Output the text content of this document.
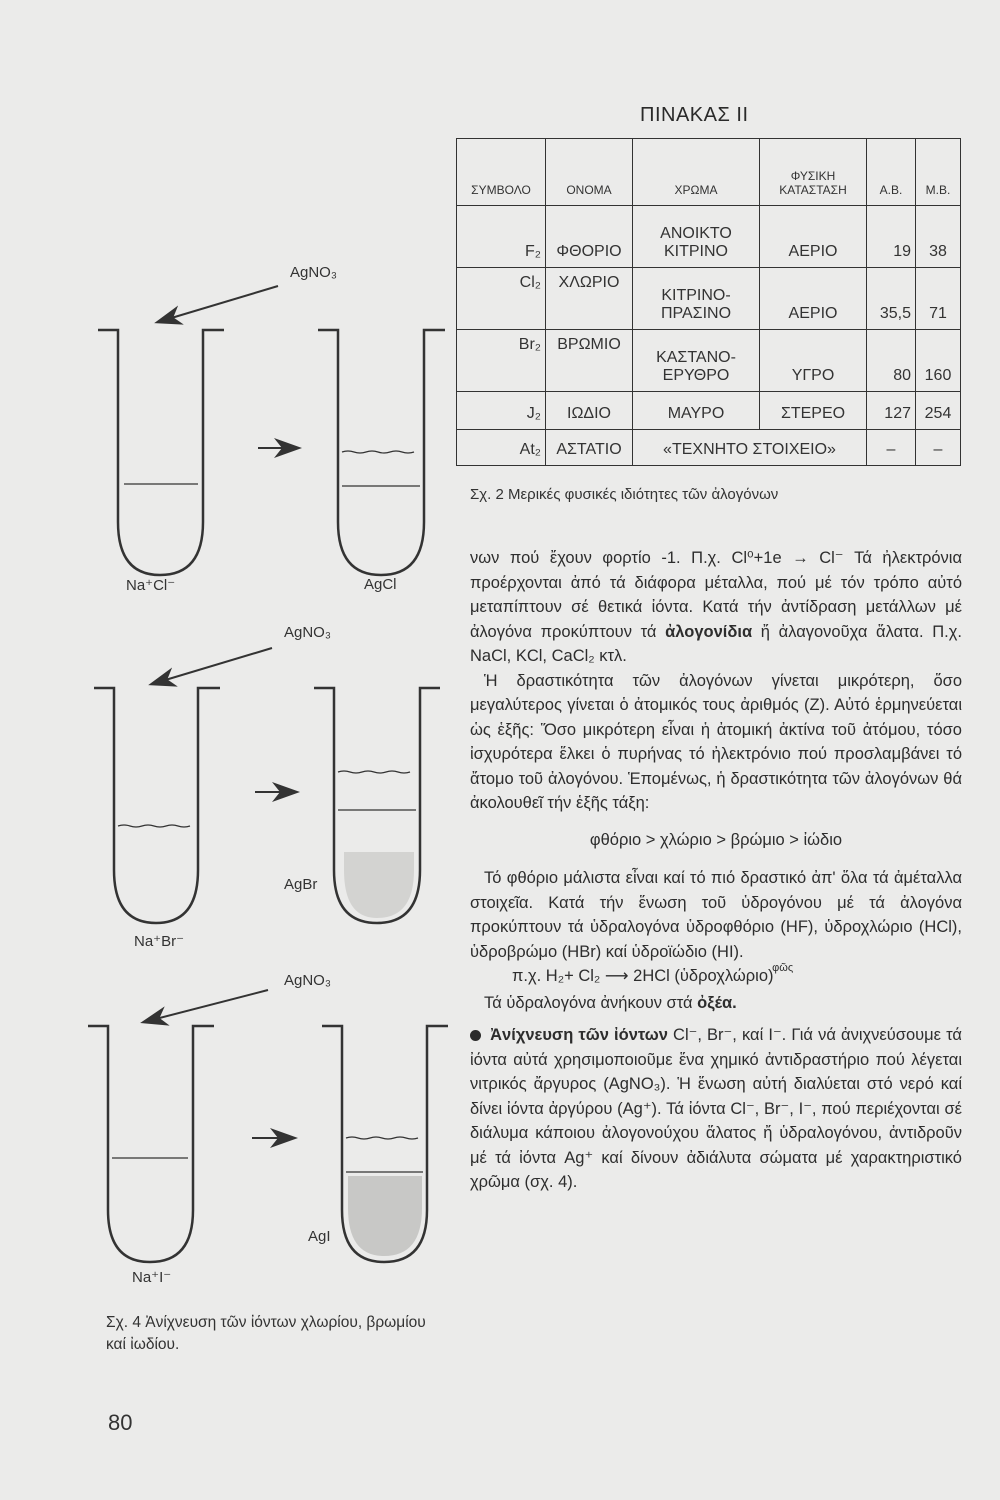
ΠΙΝΑΚΑΣ ΙΙ
ΣΥΜΒΟΛΟ	ΟΝΟΜΑ	ΧΡΩΜΑ	ΦΥΣΙΚΗ ΚΑΤΑΣΤΑΣΗ	Α.Β.	Μ.Β.
F₂	ΦΘΟΡΙΟ	ΑΝΟΙΚΤΟ ΚΙΤΡΙΝΟ	ΑΕΡΙΟ	19	38
Cl₂	ΧΛΩΡΙΟ	ΚΙΤΡΙΝΟ-ΠΡΑΣΙΝΟ	ΑΕΡΙΟ	35,5	71
Br₂	ΒΡΩΜΙΟ	ΚΑΣΤΑΝΟ-ΕΡΥΘΡΟ	ΥΓΡΟ	80	160
J₂	ΙΩΔΙΟ	ΜΑΥΡΟ	ΣΤΕΡΕΟ	127	254
At₂	ΑΣΤΑΤΙΟ	«ΤΕΧΝΗΤΟ ΣΤΟΙΧΕΙΟ»		–	–
Σχ. 2 Μερικές φυσικές ιδιότητες τῶν ἀλογόνων
AgNO₃
AgNO₃
AgNO₃
Na⁺Cl⁻
Na⁺Br⁻
Na⁺I⁻
AgCl
AgBr
AgI
Σχ. 4 Ἀνίχνευση τῶν ἰόντων χλωρίου, βρωμίου καί ἰωδίου.

νων πού ἔχουν φορτίο -1. Π.χ. Cl⁰+1e → Cl⁻ Τά ἠλεκτρόνια προέρχονται ἀπό τά διάφορα μέταλλα, πού μέ τόν τρόπο αὐτό μεταπίπτουν σέ θετικά ἰόντα. Κατά τήν ἀντίδραση μετάλλων μέ ἀλογόνα προκύπτουν τά ἀλογονίδια ἤ ἀλαγονοῦχα ἅλατα. Π.χ. NaCl, KCl, CaCl₂ κτλ.

Ἡ δραστικότητα τῶν ἀλογόνων γίνεται μικρότερη, ὅσο μεγαλύτερος γίνεται ὁ ἀτομικός τους ἀριθμός (Z). Αὐτό ἑρμηνεύεται ὡς ἑξῆς: Ὅσο μικρότερη εἶναι ἡ ἀτομική ἀκτίνα τοῦ ἀτόμου, τόσο ἰσχυρότερα ἕλκει ὁ πυρήνας τό ἠλεκτρόνιο πού προσλαμβάνει τό ἄτομο τοῦ ἀλογόνου. Ἑπομένως, ἡ δραστικότητα τῶν ἀλογόνων θά ἀκολουθεῖ τήν ἑξῆς τάξη:

φθόριο > χλώριο > βρώμιο > ἰώδιο

Τό φθόριο μάλιστα εἶναι καί τό πιό δραστικό ἀπ' ὅλα τά ἀμέταλλα στοιχεῖα. Κατά τήν ἕνωση τοῦ ὑδρογόνου μέ τά ἀλογόνα προκύπτουν τά ὑδραλογόνα ὑδροφθόριο (HF), ὑδροχλώριο (HCl), ὑδροβρώμο (HBr) καί ὑδροϊώδιο (HI).

π.χ. H₂+ Cl₂ ⟶ 2HCl (ὑδροχλώριο) $^{\varphi ῶ\varsigma}$

Τά ὑδραλογόνα ἀνήκουν στά ὀξέα.

Ἀνίχνευση τῶν ἰόντων Cl⁻, Br⁻, καί I⁻. Γιά νά ἀνιχνεύσουμε τά ἰόντα αὐτά χρησιμοποιοῦμε ἕνα χημικό ἀντιδραστήριο πού λέγεται νιτρικός ἄργυρος (AgNO₃). Ἡ ἕνωση αὐτή διαλύεται στό νερό καί δίνει ἰόντα ἀργύρου (Ag⁺). Τά ἰόντα Cl⁻, Br⁻, I⁻, πού περιέχονται σέ διάλυμα κάποιου ἀλογονούχου ἅλατος ἤ ὑδραλογόνου, ἀντιδροῦν μέ τά ἰόντα Ag⁺ καί δίνουν ἀδιάλυτα σώματα μέ χαρακτηριστικό χρῶμα (σχ. 4).

80
